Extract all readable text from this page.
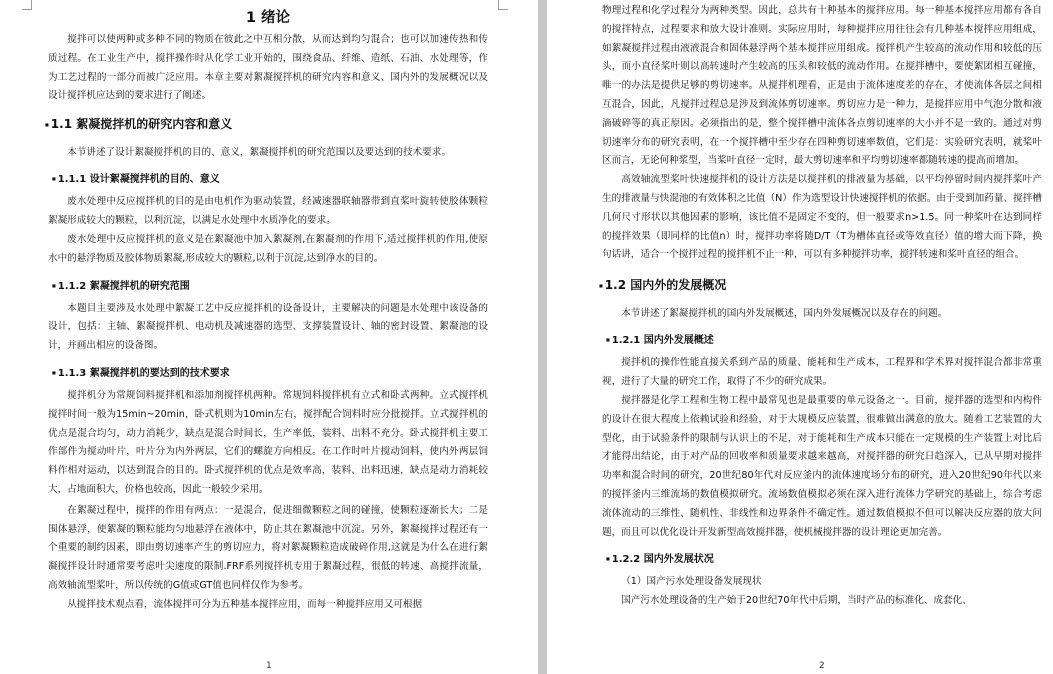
1 绪论

搅拌可以使两种或多种不同的物质在彼此之中互相分散，从而达到均匀混合；也可以加速传热和传质过程。在工业生产中，搅拌操作时从化学工业开始的，围绕食品、纤维、造纸、石油、水处理等，作为工艺过程的一部分而被广泛应用。本章主要对絮凝搅拌机的研究内容和意义、国内外的发展概况以及设计搅拌机应达到的要求进行了阐述。

■ 1.1 絮凝搅拌机的研究内容和意义

本节讲述了设计絮凝搅拌机的目的、意义，絮凝搅拌机的研究范围以及要达到的技术要求。

■ 1.1.1 设计絮凝搅拌机的目的、意义

废水处理中反应搅拌机的目的是由电机作为驱动装置，经减速器联轴器带到直桨叶旋转使胶体颗粒絮凝形成较大的颗粒，以利沉淀，以满足水处理中水质净化的要求。

废水处理中反应搅拌机的意义是在絮凝池中加入絮凝剂,在絮凝剂的作用下,适过搅拌机的作用,使原水中的悬浮物质及胶体物质絮凝,形成较大的颗粒,以利于沉淀,达到净水的目的。

■ 1.1.2 絮凝搅拌机的研究范围

本题目主要涉及水处理中絮凝工艺中反应搅拌机的设备设计，主要解决的问题是水处理中该设备的设计，包括：主轴、絮凝搅拌机、电动机及减速器的选型、支撑装置设计、轴的密封设置、絮凝池的设计，并画出相应的设备图。

■ 1.1.3 絮凝搅拌机的要达到的技术要求

搅拌机分为常规饲料搅拌机和添加剂搅拌机两种。常规饲料搅拌机有立式和卧式两种。立式搅拌机搅拌时间一般为15min~20min，卧式机则为10min左右，搅拌配合饲料时应分批搅拌。立式搅拌机的优点是混合均匀，动力消耗少，缺点是混合时间长，生产率低，装料、出料不充分。卧式搅拌机主要工作部件为搅动叶片，叶片分为内外两层，它们的螺旋方向相反。在工作时叶片搅动饲料，使内外两层饲料作相对运动，以达到混合的目的。卧式搅拌机的优点是效率高，装料、出料迅速，缺点是动力消耗较大，占地面积大，价格也较高，因此一般较少采用。

在絮凝过程中，搅拌的作用有两点：一是混合，促进细微颗粒之间的碰撞，使颗粒逐渐长大；二是围体悬浮，使絮凝的颗粒能均匀地悬浮在液体中，防止其在絮凝池中沉淀。另外，絮凝搅拌过程还有一个重要的制约因素，即由剪切速率产生的剪切应力，将对絮凝颗粒造成破碎作用,这就是为什么在进行絮凝搅拌设计时通常要考虑叶尖速度的限制.FRF系列搅拌机专用于絮凝过程，很低的转速、高搅拌流量，高效轴流型桨叶，所以传统的G值或GT值也同样仅作为参考。

从搅拌技术观点看，流体搅拌可分为五种基本搅拌应用，而每一种搅拌应用又可根据

1

物理过程和化学过程分为两种类型。因此，总共有十种基本的搅拌应用。每一种基本搅拌应用都有各自的搅拌特点，过程要求和放大设计准则。实际应用时，每种搅拌应用往往会有几种基本搅拌应用组成，如絮凝搅拌过程由液液混合和固体悬浮两个基本搅拌应用组成。搅拌机产生较高的流动作用和较低的压头，而小直径桨叶则以高转速时产生较高的压头和较低的流动作用。在搅拌槽中，要使絮团相互碰撞，唯一的办法是提供足够的剪切速率。从搅拌机理看，正是由于流体速度差的存在，才使流体各层之间相互混合，因此，凡搅拌过程总是涉及到流体剪切速率。剪切应力是一种力，是搅拌应用中气泡分散和液滴破碎等的真正原因。必须指出的是，整个搅拌槽中流体各点剪切速率的大小并不是一致的。通过对剪切速率分布的研究表明，在一个搅拌槽中至少存在四种剪切速率数值，它们是：实验研究表明，就桨叶区而言，无论何种浆型，当桨叶直径一定时，最大剪切速率和平均剪切速率都随转速的提高而增加。

高效轴流型桨叶快速搅拌机的设计方法是以搅拌机的排液量为基础，以平均停留时间内搅拌桨叶产生的排液量与快混池的有效体积之比值（N）作为选型设计快速搅拌机的依据。由于受到加药量、搅拌槽几何尺寸形状以其他因素的影响，该比值不是固定不变的，但一般要求n>1.5。同一种桨叶在达到同样的搅拌效果（即同样的比值n）时，搅拌功率将随D/T（T为槽体直径或等效直径）值的增大而下降，换句话讲，适合一个搅拌过程的搅拌机不止一种，可以有多种搅拌功率，搅拌转速和桨叶直径的组合。

■ 1.2 国内外的发展概况

本节讲述了絮凝搅拌机的国内外发展概述，国内外发展概况以及存在的问题。

■ 1.2.1 国内外发展概述

搅拌机的操作性能直接关系到产品的质量、能耗和生产成本，工程界和学术界对搅拌混合都非常重视，进行了大量的研究工作，取得了不少的研究成果。

搅拌器是化学工程和生物工程中最常见也是最重要的单元设备之一。目前，搅拌器的选型和内构件的设计在很大程度上依赖试验和经验，对于大规模反应装置，很难做出满意的放大。随着工艺装置的大型化，由于试验条件的限制与认识上的不足，对于能耗和生产成本只能在一定规模的生产装置上对比后才能得出结论，由于对产品的回收率和质量要求越来越高，对搅拌器的研究日趋深入，已从早期对搅拌功率和混合时间的研究，20世纪80年代对反应釜内的流体速度场分布的研究，进入20世纪90年代以来的搅拌釜内三维流场的数值模拟研究。流场数值模拟必须在深入进行流体力学研究的基础上，综合考虑流体流动的三维性、随机性、非线性和边界条件不确定性。通过数值模拟不但可以解决反应器的放大问题，而且可以优化设计开发新型高效搅拌器，使机械搅拌器的设计理论更加完善。

■ 1.2.2 国内外发展状况

（1）国产污水处理设备发展现状

国产污水处理设备的生产始于20世纪70年代中后期，当时产品的标准化、成套化、

2
